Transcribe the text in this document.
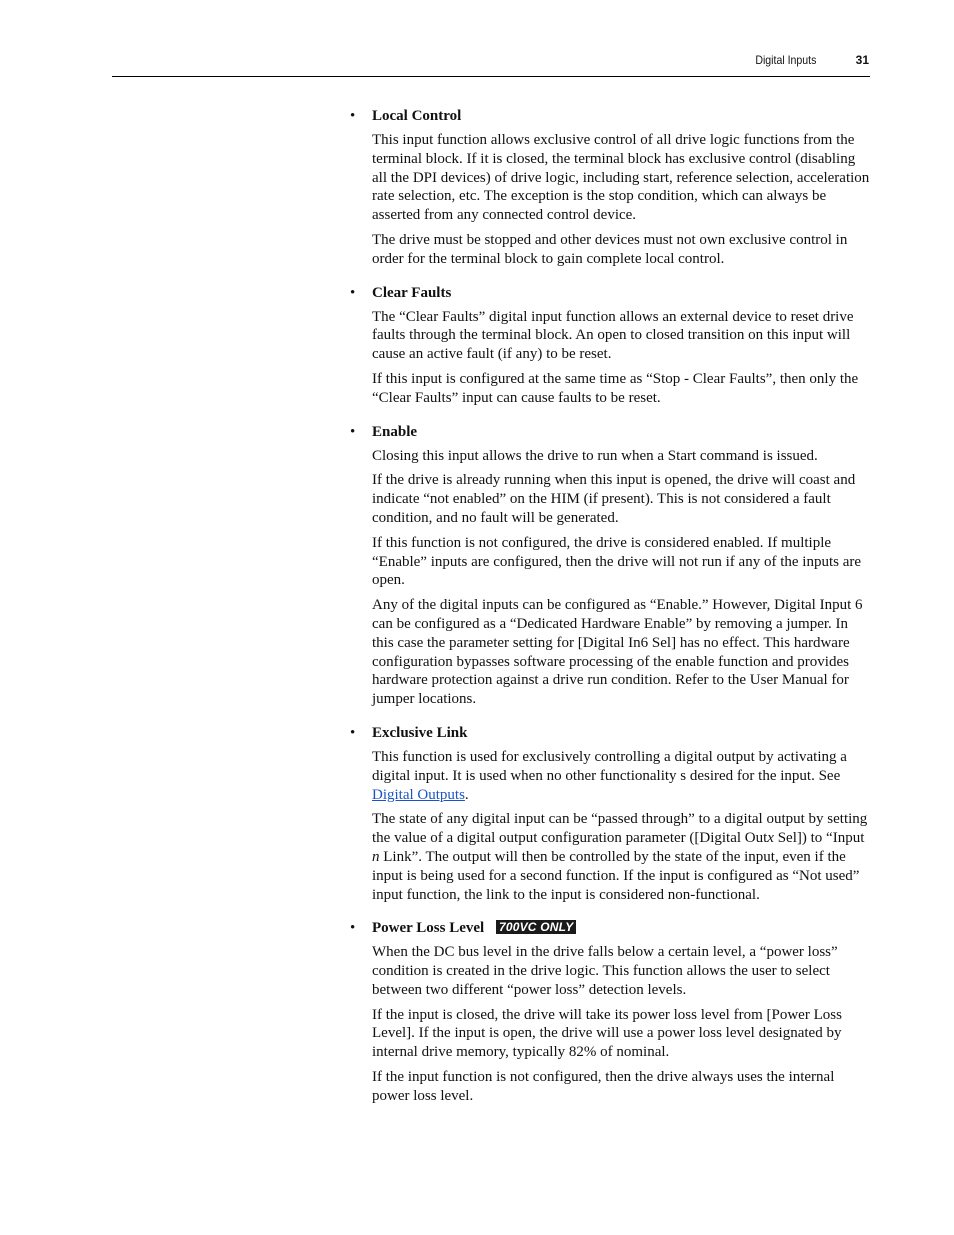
Digital Inputs	31
• Local Control

This input function allows exclusive control of all drive logic functions from the terminal block. If it is closed, the terminal block has exclusive control (disabling all the DPI devices) of drive logic, including start, reference selection, acceleration rate selection, etc. The exception is the stop condition, which can always be asserted from any connected control device.

The drive must be stopped and other devices must not own exclusive control in order for the terminal block to gain complete local control.

• Clear Faults

The “Clear Faults” digital input function allows an external device to reset drive faults through the terminal block. An open to closed transition on this input will cause an active fault (if any) to be reset.

If this input is configured at the same time as “Stop - Clear Faults”, then only the “Clear Faults” input can cause faults to be reset.

• Enable

Closing this input allows the drive to run when a Start command is issued.

If the drive is already running when this input is opened, the drive will coast and indicate “not enabled” on the HIM (if present). This is not considered a fault condition, and no fault will be generated.

If this function is not configured, the drive is considered enabled. If multiple “Enable” inputs are configured, then the drive will not run if any of the inputs are open.

Any of the digital inputs can be configured as “Enable.” However, Digital Input 6 can be configured as a “Dedicated Hardware Enable” by removing a jumper. In this case the parameter setting for [Digital In6 Sel] has no effect. This hardware configuration bypasses software processing of the enable function and provides hardware protection against a drive run condition. Refer to the User Manual for jumper locations.

• Exclusive Link

This function is used for exclusively controlling a digital output by activating a digital input. It is used when no other functionality s desired for the input. See Digital Outputs.

The state of any digital input can be “passed through” to a digital output by setting the value of a digital output configuration parameter ([Digital Outx Sel]) to “Input n Link”. The output will then be controlled by the state of the input, even if the input is being used for a second function. If the input is configured as “Not used” input function, the link to the input is considered non-functional.

• Power Loss Level 700VC ONLY

When the DC bus level in the drive falls below a certain level, a “power loss” condition is created in the drive logic. This function allows the user to select between two different “power loss” detection levels.

If the input is closed, the drive will take its power loss level from [Power Loss Level]. If the input is open, the drive will use a power loss level designated by internal drive memory, typically 82% of nominal.

If the input function is not configured, then the drive always uses the internal power loss level.
